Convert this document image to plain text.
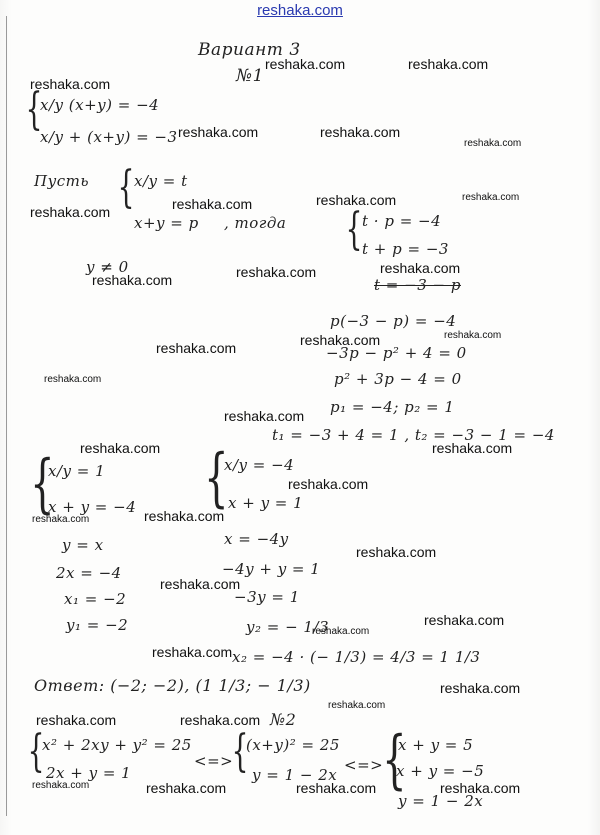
reshaka.com
reshaka.com
reshaka.com	reshaka.com
reshaka.com	reshaka.com
reshaka.com
reshaka.com	reshaka.com	reshaka.com	reshaka.com
reshaka.com	reshaka.com
reshaka.com
reshaka.com	reshaka.com
reshaka.com
reshaka.com
reshaka.com
reshaka.com	reshaka.com
reshaka.com
reshaka.com	reshaka.com
reshaka.com
reshaka.com
reshaka.com
reshaka.com
reshaka.com
reshaka.com
reshaka.com
reshaka.com	reshaka.com
reshaka.com	reshaka.com	reshaka.com	reshaka.com
Вариант 3
№1
{
x/y (x+y) = −4
x/y + (x+y) = −3
Пусть { x/y = t
x+y = p , тогда { t · p = −4
t + p = −3
y ≠ 0
t = −3 − p
p(−3 − p) = −4
−3p − p² + 4 = 0
p² + 3p − 4 = 0
p₁ = −4; p₂ = 1
t₁ = −3 + 4 = 1 , t₂ = −3 − 1 = −4
{
x/y = 1
x + y = −4
y = x
2x = −4
x₁ = −2
y₁ = −2
{
x/y = −4
x + y = 1
x = −4y
−4y + y = 1
−3y = 1
y₂ = − 1/3
x₂ = −4 · (− 1/3) = 4/3 = 1 1/3
Ответ: (−2; −2), (1 1/3; − 1/3)
№2
{
x² + 2xy + y² = 25
2x + y = 1
<=>
{
(x+y)² = 25
y = 1 − 2x
<=>
{
x + y = 5
x + y = −5
y = 1 − 2x
